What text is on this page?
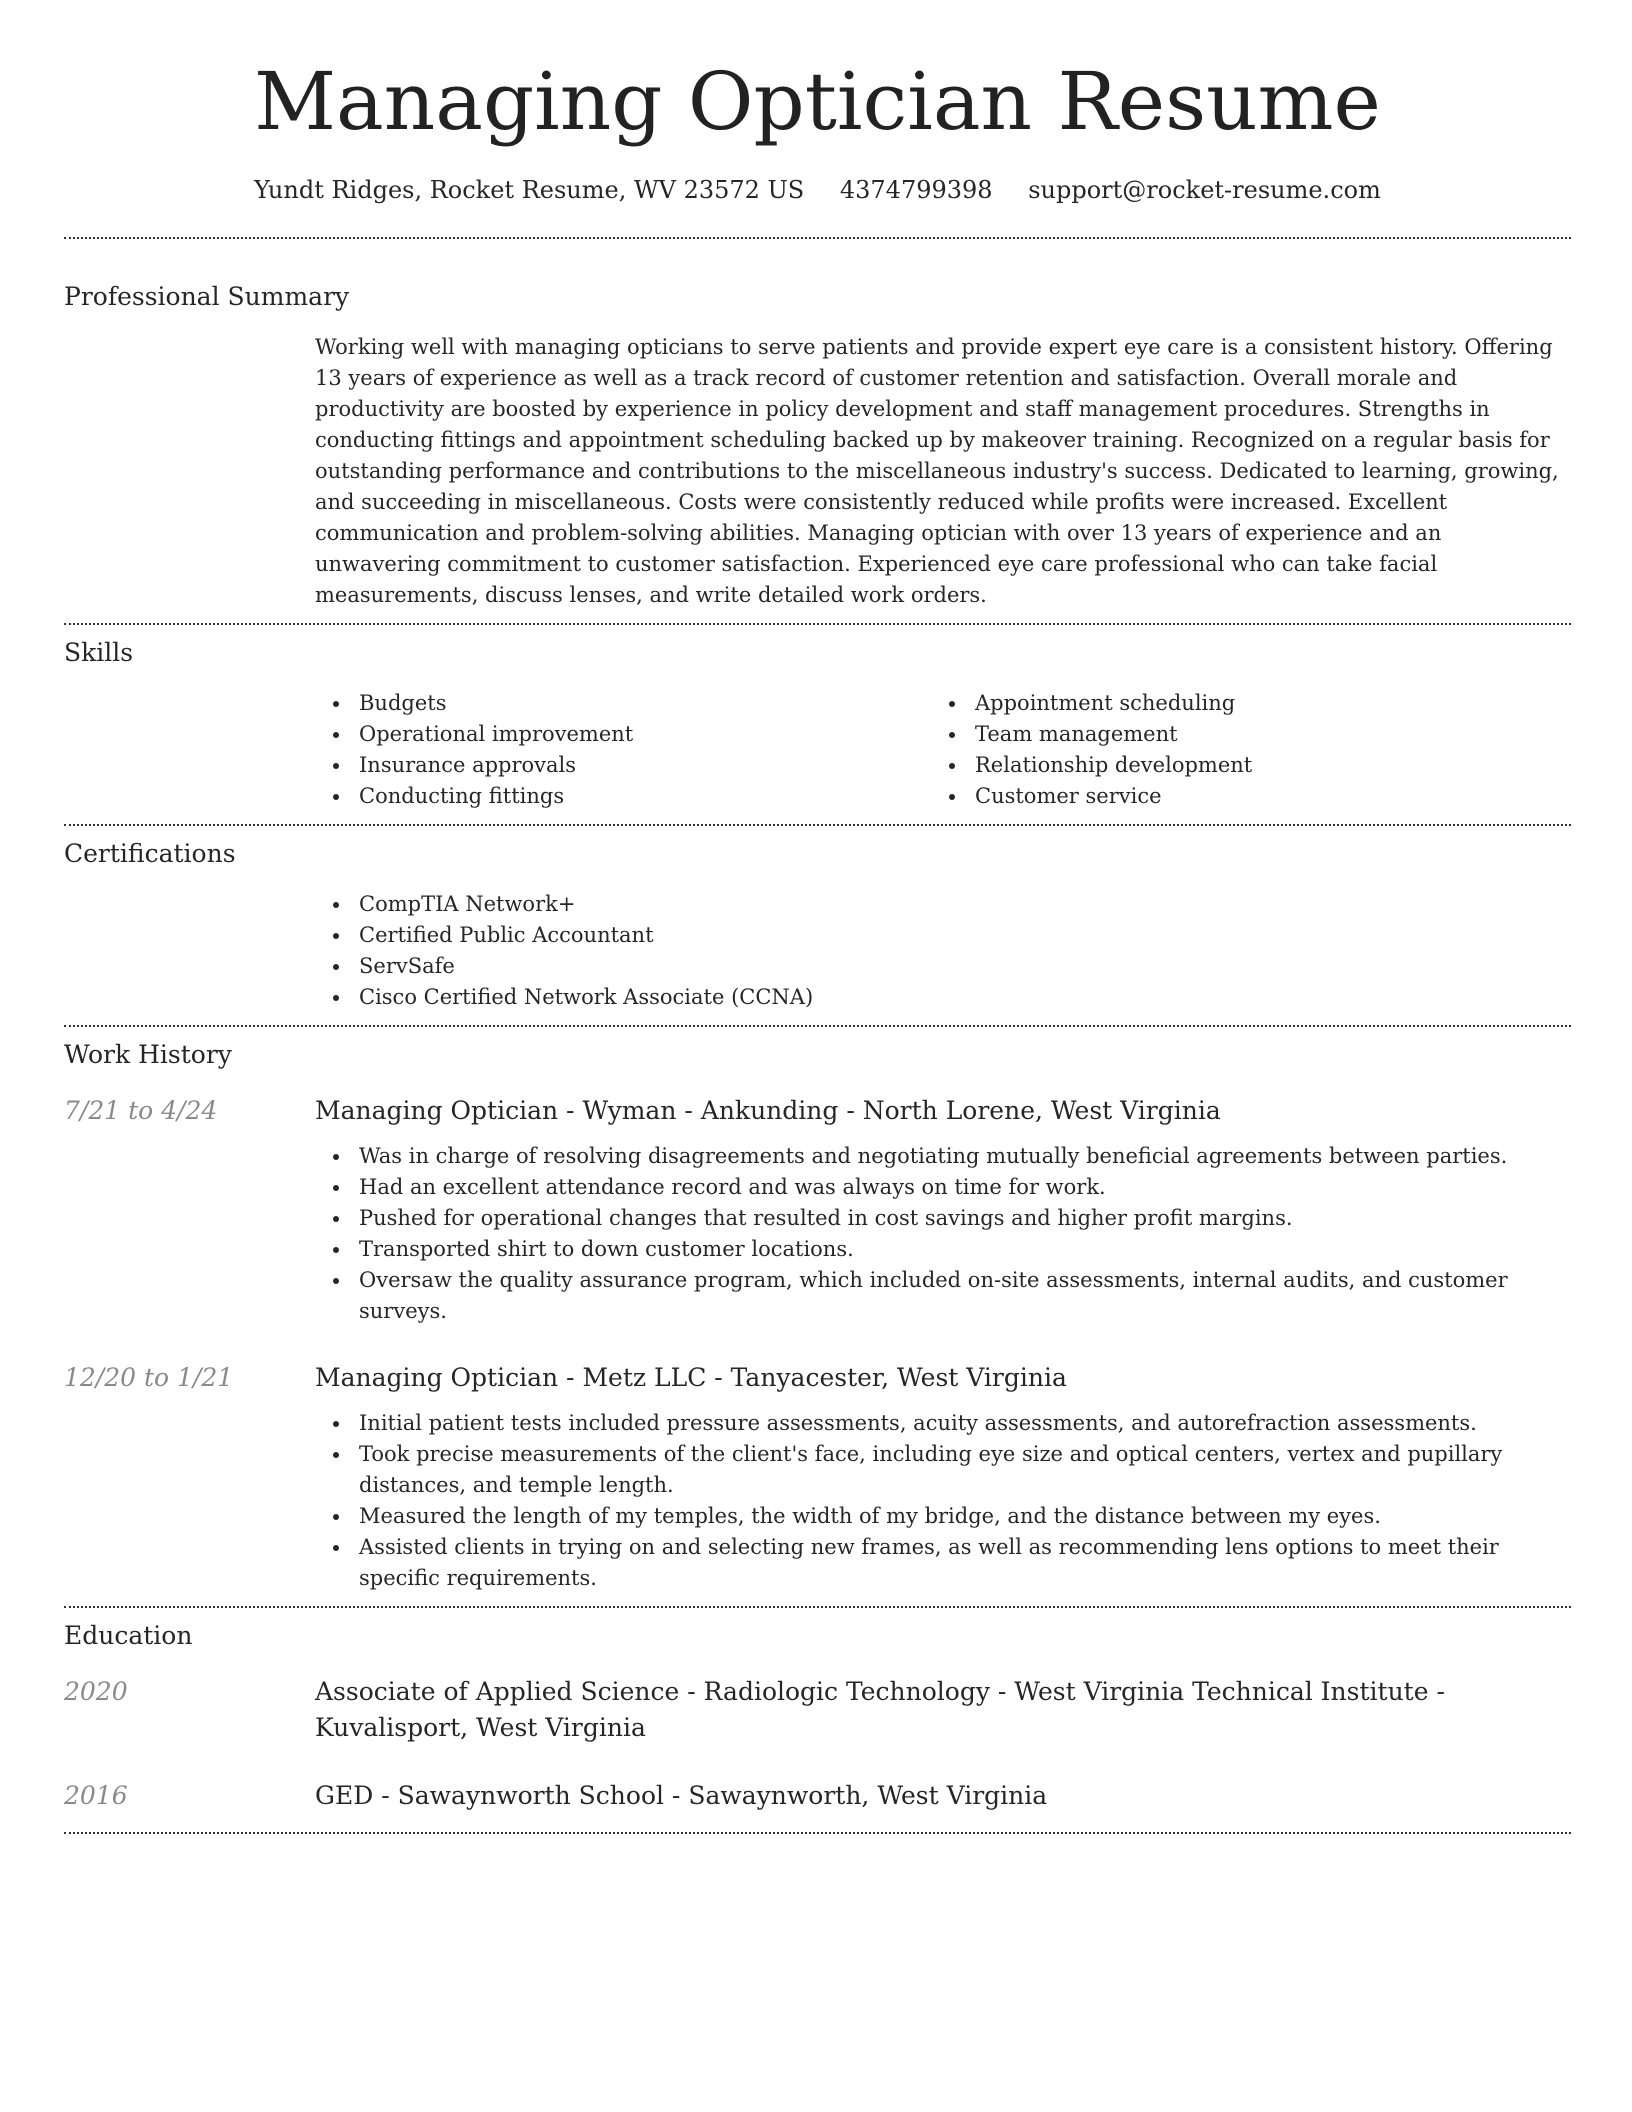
Managing Optician Resume
Yundt Ridges, Rocket Resume, WV 23572 US 4374799398 support@rocket-resume.com
Professional Summary
Working well with managing opticians to serve patients and provide expert eye care is a consistent history. Offering 13 years of experience as well as a track record of customer retention and satisfaction. Overall morale and productivity are boosted by experience in policy development and staff management procedures. Strengths in conducting fittings and appointment scheduling backed up by makeover training. Recognized on a regular basis for outstanding performance and contributions to the miscellaneous industry's success. Dedicated to learning, growing, and succeeding in miscellaneous. Costs were consistently reduced while profits were increased. Excellent communication and problem-solving abilities. Managing optician with over 13 years of experience and an unwavering commitment to customer satisfaction. Experienced eye care professional who can take facial measurements, discuss lenses, and write detailed work orders.
Skills
Budgets
Operational improvement
Insurance approvals
Conducting fittings
Appointment scheduling
Team management
Relationship development
Customer service
Certifications
CompTIA Network+
Certified Public Accountant
ServSafe
Cisco Certified Network Associate (CCNA)
Work History
7/21 to 4/24	Managing Optician - Wyman - Ankunding - North Lorene, West Virginia
Was in charge of resolving disagreements and negotiating mutually beneficial agreements between parties.
Had an excellent attendance record and was always on time for work.
Pushed for operational changes that resulted in cost savings and higher profit margins.
Transported shirt to down customer locations.
Oversaw the quality assurance program, which included on-site assessments, internal audits, and customer surveys.
12/20 to 1/21	Managing Optician - Metz LLC - Tanyacester, West Virginia
Initial patient tests included pressure assessments, acuity assessments, and autorefraction assessments.
Took precise measurements of the client's face, including eye size and optical centers, vertex and pupillary distances, and temple length.
Measured the length of my temples, the width of my bridge, and the distance between my eyes.
Assisted clients in trying on and selecting new frames, as well as recommending lens options to meet their specific requirements.
Education
2020	Associate of Applied Science - Radiologic Technology - West Virginia Technical Institute - Kuvalisport, West Virginia
2016	GED - Sawaynworth School - Sawaynworth, West Virginia
